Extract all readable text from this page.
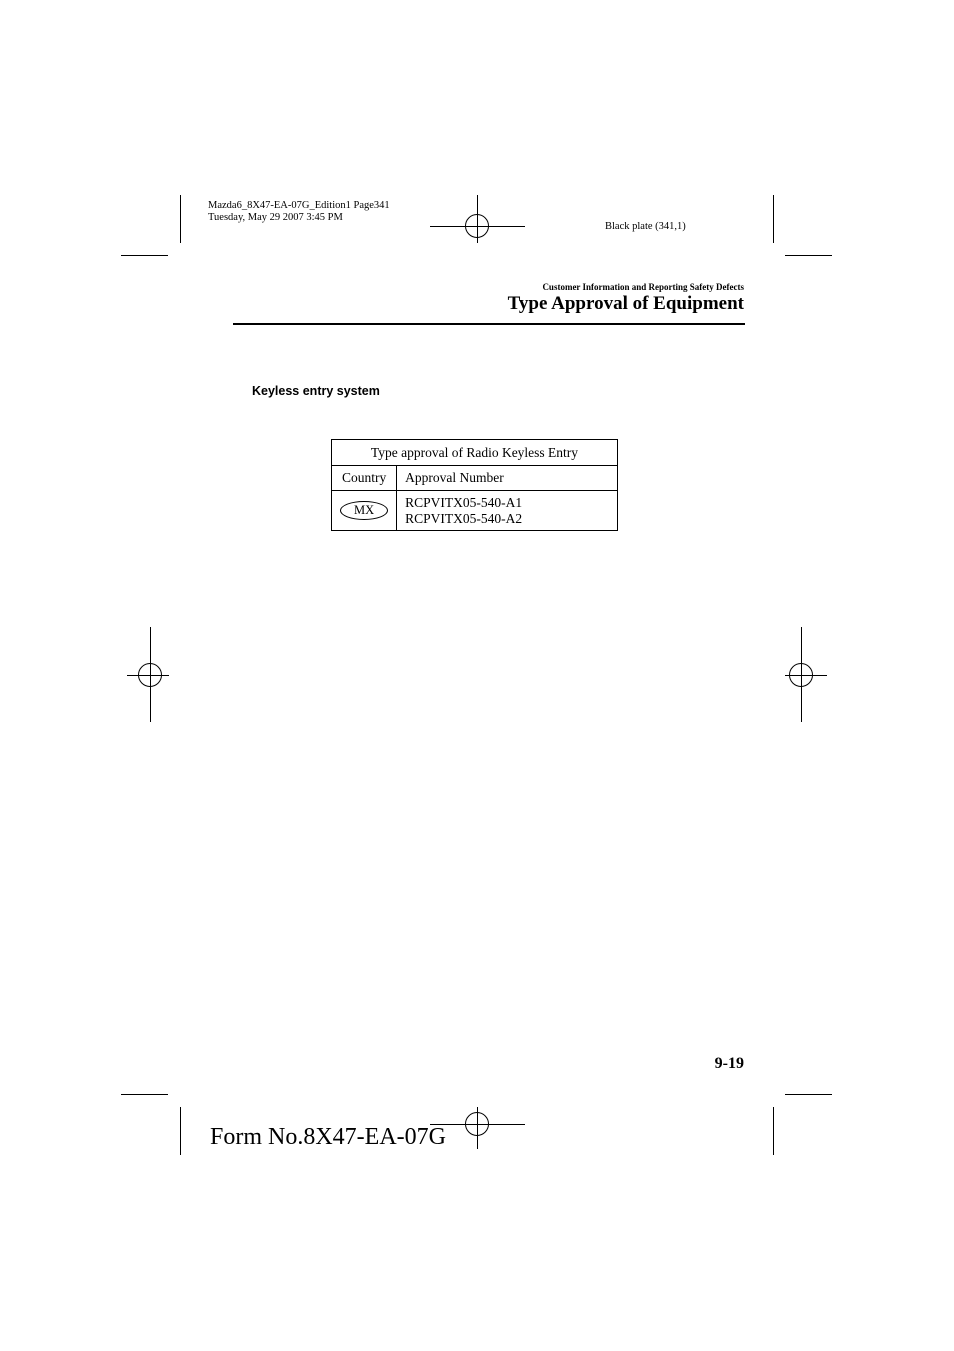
Mazda6_8X47-EA-07G_Edition1 Page341
Tuesday, May 29 2007 3:45 PM
Black plate (341,1)
Customer Information and Reporting Safety Defects
Type Approval of Equipment
Keyless entry system
Type approval of Radio Keyless Entry	
Country	Approval Number
MX	RCPVITX05-540-A1
RCPVITX05-540-A2
9-19
Form No.8X47-EA-07G
